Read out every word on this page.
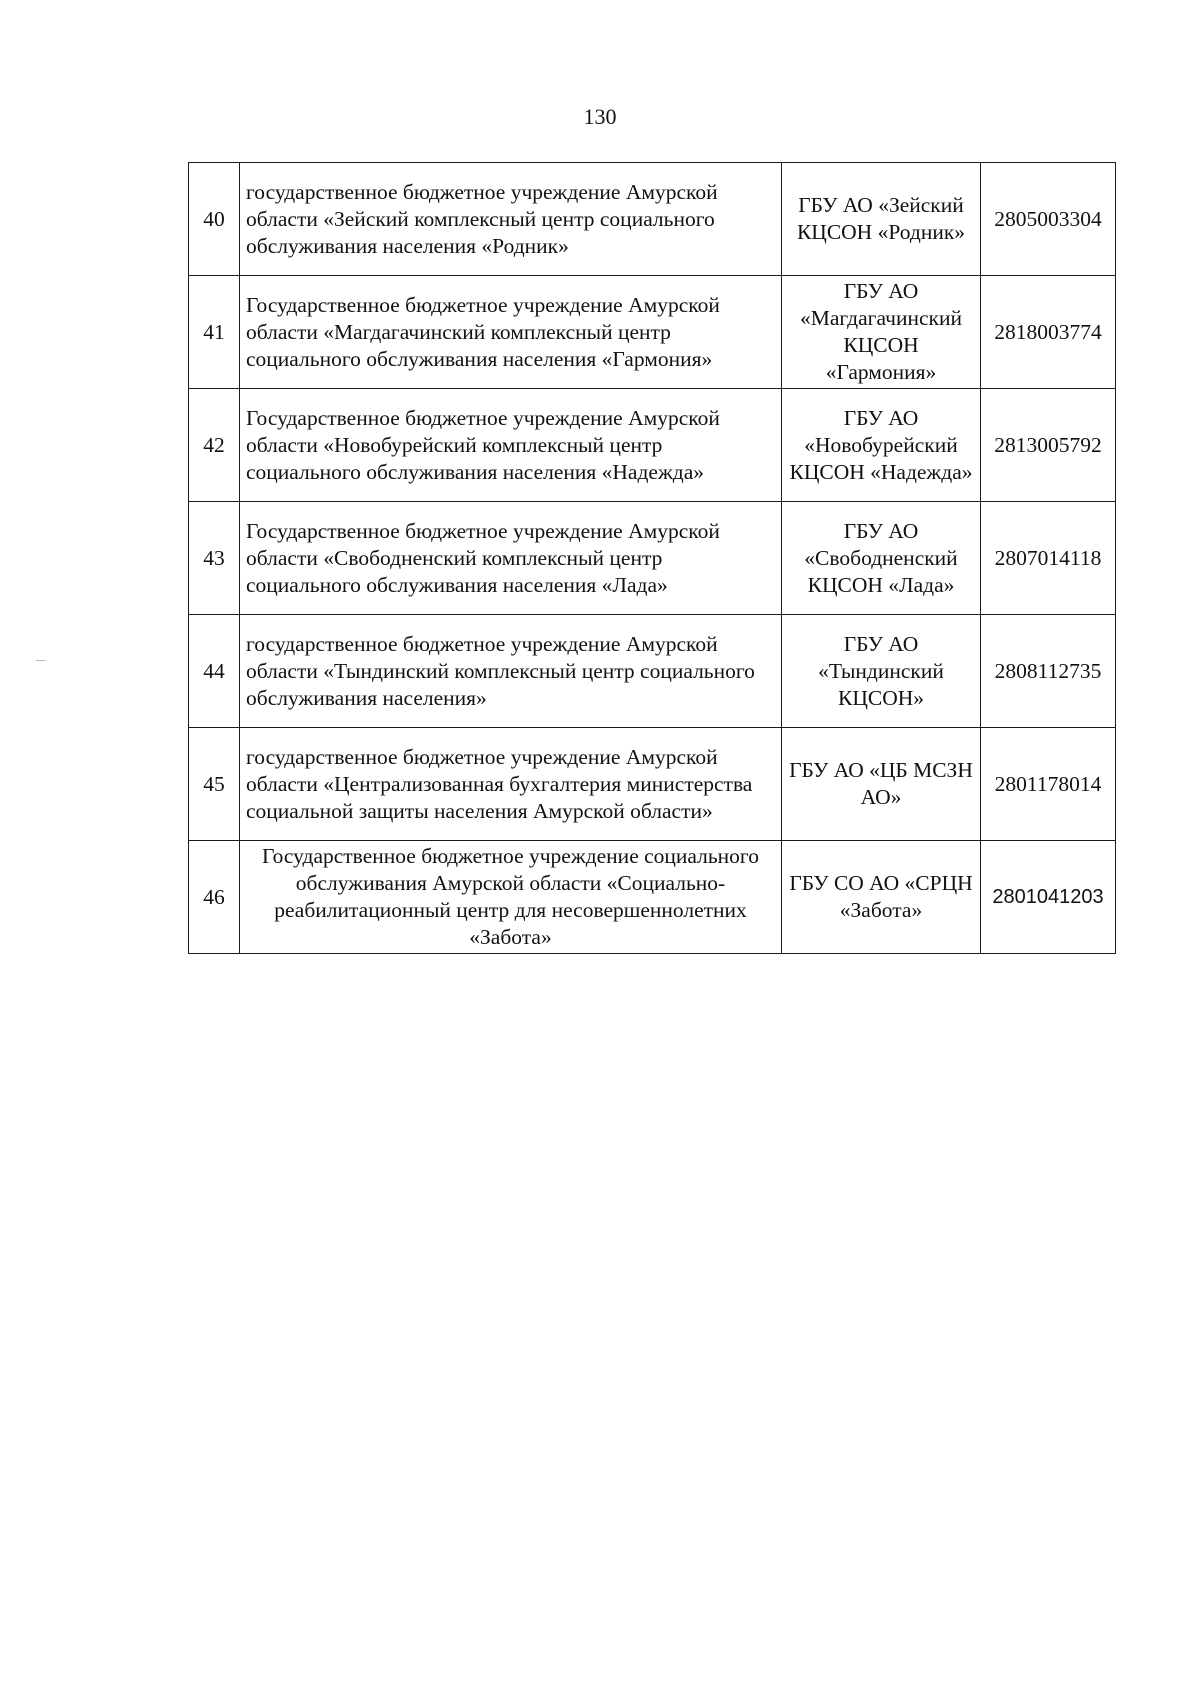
130
40	государственное бюджетное учреждение Амурской области «Зейский комплексный центр социального обслуживания населения «Родник»	ГБУ АО «Зейский КЦСОН «Родник»	2805003304
41	Государственное бюджетное учреждение Амурской области «Магдагачинский комплексный центр социального обслуживания населения «Гармония»	ГБУ АО «Магдагачинский КЦСОН «Гармония»	2818003774
42	Государственное бюджетное учреждение Амурской области «Новобурейский комплексный центр социального обслуживания населения «Надежда»	ГБУ АО «Новобурейский КЦСОН «Надежда»	2813005792
43	Государственное бюджетное учреждение Амурской области «Свободненский комплексный центр социального обслуживания населения «Лада»	ГБУ АО «Свободненский КЦСОН «Лада»	2807014118
44	государственное бюджетное учреждение Амурской области «Тындинский комплексный центр социального обслуживания населения»	ГБУ АО «Тындинский КЦСОН»	2808112735
45	государственное бюджетное учреждение Амурской области «Централизованная бухгалтерия министерства социальной защиты населения Амурской области»	ГБУ АО «ЦБ МСЗН АО»	2801178014
46	Государственное бюджетное учреждение социального обслуживания Амурской области «Социально-реабилитационный центр для несовершеннолетних «Забота»	ГБУ СО АО «СРЦН «Забота»	2801041203
